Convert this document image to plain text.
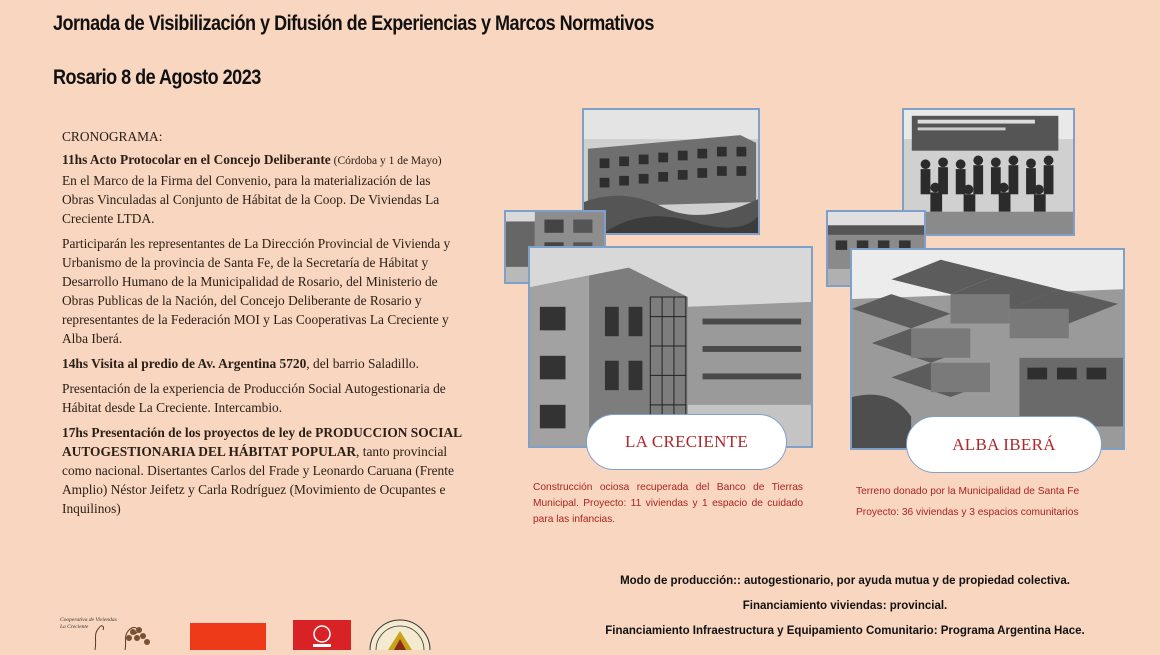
Jornada de Visibilización y Difusión de Experiencias y Marcos Normativos
Rosario 8 de Agosto 2023

CRONOGRAMA:

11hs Acto Protocolar en el Concejo Deliberante (Córdoba y 1 de Mayo)
En el Marco de la Firma del Convenio, para la materialización de las Obras Vinculadas al Conjunto de Hábitat de la Coop. De Viviendas La Creciente LTDA.

Participarán les representantes de La Dirección Provincial de Vivienda y Urbanismo de la provincia de Santa Fe, de la Secretaría de Hábitat y Desarrollo Humano de la Municipalidad de Rosario, del Ministerio de Obras Publicas de la Nación, del Concejo Deliberante de Rosario y representantes de la Federación MOI y Las Cooperativas La Creciente y Alba Iberá.

14hs Visita al predio de Av. Argentina 5720, del barrio Saladillo.

Presentación de la experiencia de Producción Social Autogestionaria de Hábitat desde La Creciente. Intercambio.

17hs Presentación de los proyectos de ley de PRODUCCION SOCIAL AUTOGESTIONARIA DEL HÁBITAT POPULAR, tanto provincial como nacional. Disertantes Carlos del Frade y Leonardo Caruana (Frente Amplio) Néstor Jeifetz y Carla Rodríguez (Movimiento de Ocupantes e Inquilinos)

LA CRECIENTE
Construcción ociosa recuperada del Banco de Tierras Municipal. Proyecto: 11 viviendas y 1 espacio de cuidado para las infancias.
ALBA IBERÁ
Terreno donado por la Municipalidad de Santa Fe
Proyecto: 36 viviendas y 3 espacios comunitarios
Modo de producción:: autogestionario, por ayuda mutua y de propiedad colectiva.
Financiamiento viviendas: provincial.
Financiamiento Infraestructura y Equipamiento Comunitario: Programa Argentina Hace.
Cooperativa de Viviendas
La Creciente
